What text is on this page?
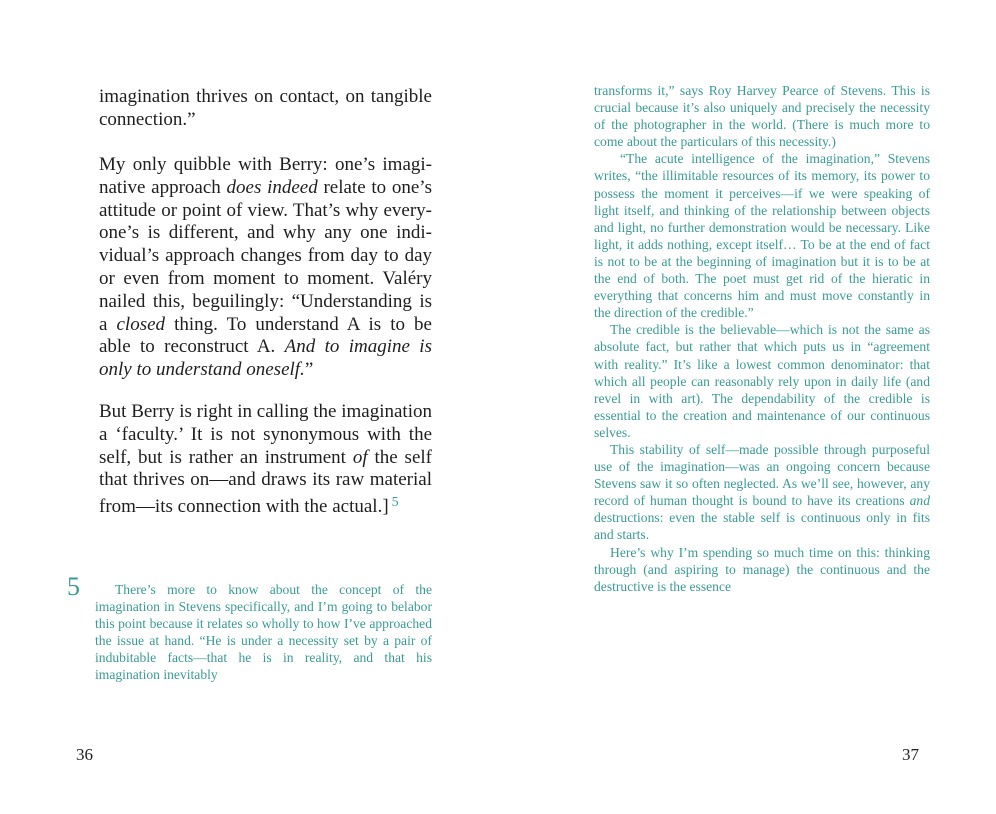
imagination thrives on contact, on tangible connection.”

My only quibble with Berry: one’s imaginative approach does indeed relate to one’s attitude or point of view. That’s why everyone’s is different, and why any one individual’s approach changes from day to day or even from moment to moment. Valéry nailed this, beguilingly: “Understanding is a closed thing. To understand A is to be able to reconstruct A. And to imagine is only to understand oneself.”

But Berry is right in calling the imagination a ‘faculty.’ It is not synonymous with the self, but is rather an instrument of the self that thrives on—and draws its raw material from—its connection with the actual.] $^5$

5	There’s more to know about the concept of the imagination in Stevens specifically, and I’m going to belabor this point because it relates so wholly to how I’ve approached the issue at hand. “He is under a necessity set by a pair of indubitable facts—that he is in reality, and that his imagination inevitably

36

transforms it,” says Roy Harvey Pearce of Stevens. This is crucial because it’s also uniquely and precisely the necessity of the photographer in the world. (There is much more to come about the particulars of this necessity.)

“The acute intelligence of the imagination,” Stevens writes, “the illimitable resources of its memory, its power to possess the moment it perceives—if we were speaking of light itself, and thinking of the relationship between objects and light, no further demonstration would be necessary. Like light, it adds nothing, except itself… To be at the end of fact is not to be at the beginning of imagination but it is to be at the end of both. The poet must get rid of the hieratic in everything that concerns him and must move constantly in the direction of the credible.”

The credible is the believable—which is not the same as absolute fact, but rather that which puts us in “agreement with reality.” It’s like a lowest common denominator: that which all people can reasonably rely upon in daily life (and revel in with art). The dependability of the credible is essential to the creation and maintenance of our continuous selves.

This stability of self—made possible through purposeful use of the imagination—was an ongoing concern because Stevens saw it so often neglected. As we’ll see, however, any record of human thought is bound to have its creations and destructions: even the stable self is continuous only in fits and starts.

Here’s why I’m spending so much time on this: thinking through (and aspiring to manage) the continuous and the destructive is the essence

37
